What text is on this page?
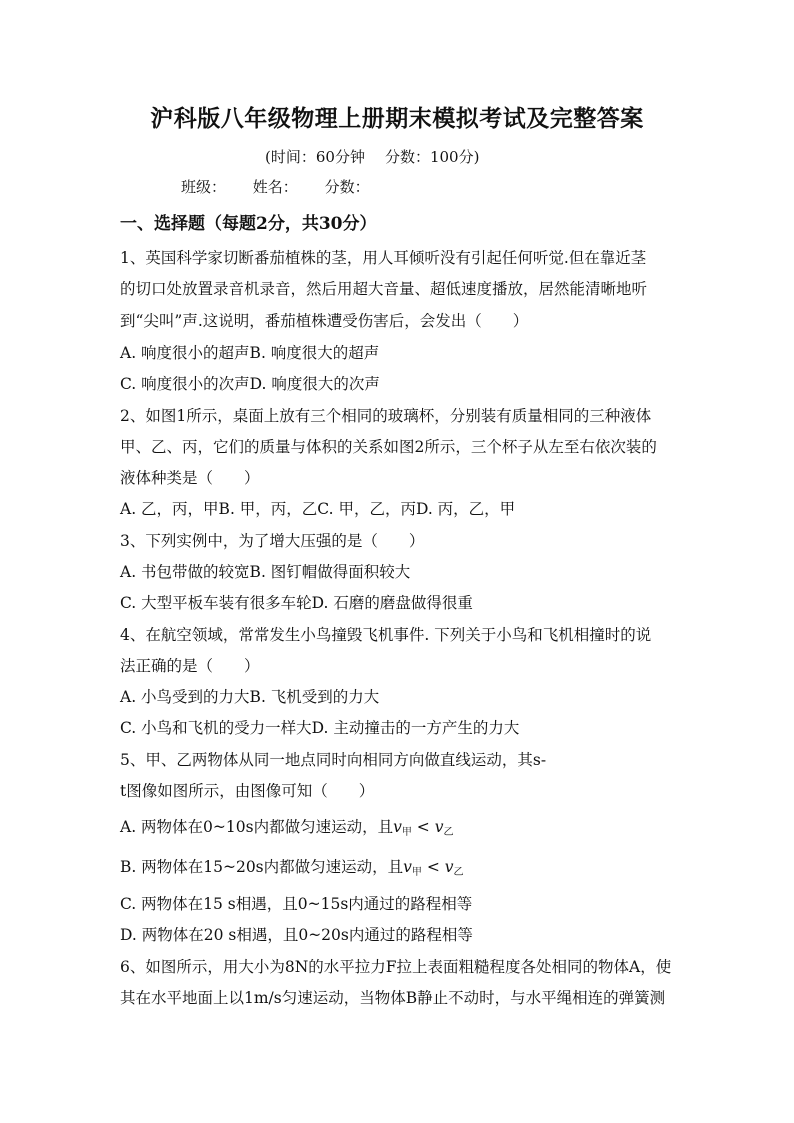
沪科版八年级物理上册期末模拟考试及完整答案
(时间：60分钟 分数：100分)
班级： 姓名： 分数：
一、选择题（每题2分，共30分）
1、英国科学家切断番茄植株的茎，用人耳倾听没有引起任何听觉.但在靠近茎
的切口处放置录音机录音，然后用超大音量、超低速度播放，居然能清晰地听
到“尖叫”声.这说明，番茄植株遭受伤害后，会发出（　　）
A. 响度很小的超声B. 响度很大的超声
C. 响度很小的次声D. 响度很大的次声
2、如图1所示，桌面上放有三个相同的玻璃杯，分别装有质量相同的三种液体
甲、乙、丙，它们的质量与体积的关系如图2所示，三个杯子从左至右依次装的
液体种类是（　　）
A. 乙，丙，甲B. 甲，丙，乙C. 甲，乙，丙D. 丙，乙，甲
3、下列实例中，为了增大压强的是（　　）
A. 书包带做的较宽B. 图钉帽做得面积较大
C. 大型平板车装有很多车轮D. 石磨的磨盘做得很重
4、在航空领域，常常发生小鸟撞毁飞机事件. 下列关于小鸟和飞机相撞时的说
法正确的是（　　）
A. 小鸟受到的力大B. 飞机受到的力大
C. 小鸟和飞机的受力一样大D. 主动撞击的一方产生的力大
5、甲、乙两物体从同一地点同时向相同方向做直线运动，其s-
t图像如图所示，由图像可知（　　）
A. 两物体在0~10s内都做匀速运动，且v甲 < v乙
B. 两物体在15~20s内都做匀速运动，且v甲 < v乙
C. 两物体在15 s相遇，且0~15s内通过的路程相等
D. 两物体在20 s相遇，且0~20s内通过的路程相等
6、如图所示，用大小为8N的水平拉力F拉上表面粗糙程度各处相同的物体A，使
其在水平地面上以1m/s匀速运动，当物体B静止不动时，与水平绳相连的弹簧测
